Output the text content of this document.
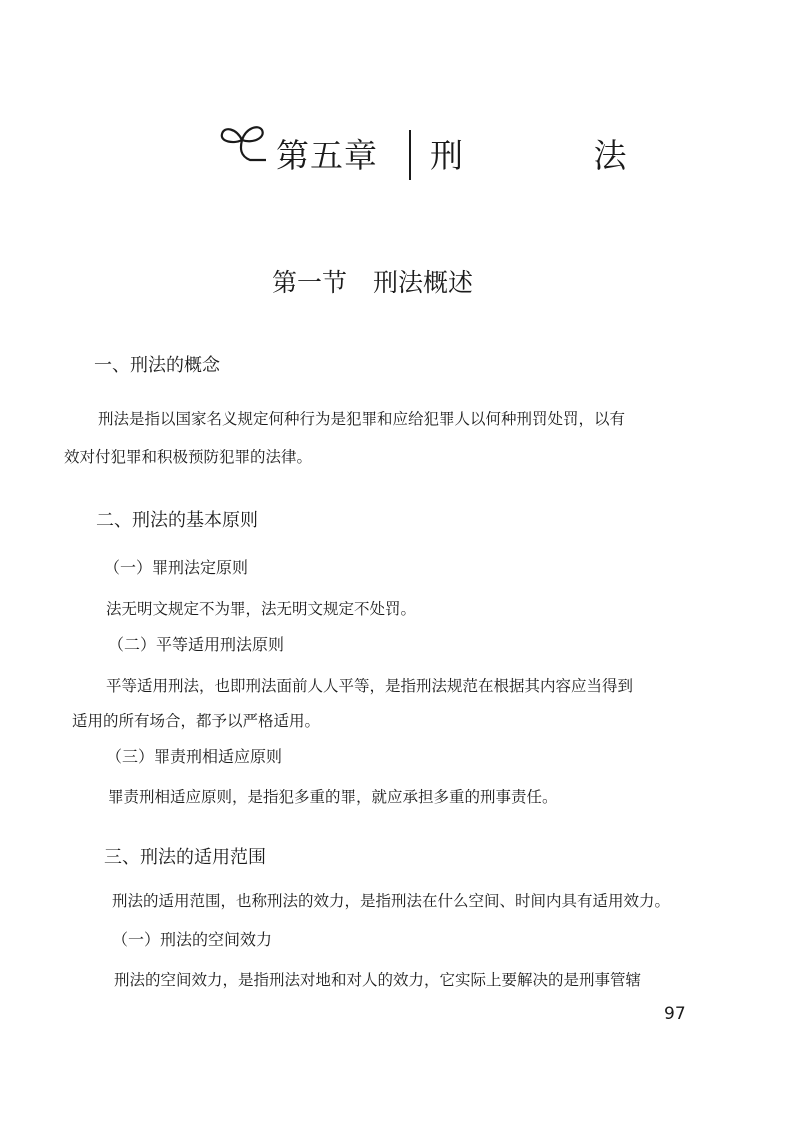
第五章 刑 法
第一节 刑法概述
一、刑法的概念
刑法是指以国家名义规定何种行为是犯罪和应给犯罪人以何种刑罚处罚，以有
效对付犯罪和积极预防犯罪的法律。
二、刑法的基本原则
（一）罪刑法定原则
法无明文规定不为罪，法无明文规定不处罚。
（二）平等适用刑法原则
平等适用刑法，也即刑法面前人人平等，是指刑法规范在根据其内容应当得到
适用的所有场合，都予以严格适用。
（三）罪责刑相适应原则
罪责刑相适应原则，是指犯多重的罪，就应承担多重的刑事责任。
三、刑法的适用范围
刑法的适用范围，也称刑法的效力，是指刑法在什么空间、时间内具有适用效力。
（一）刑法的空间效力
刑法的空间效力，是指刑法对地和对人的效力，它实际上要解决的是刑事管辖
97
